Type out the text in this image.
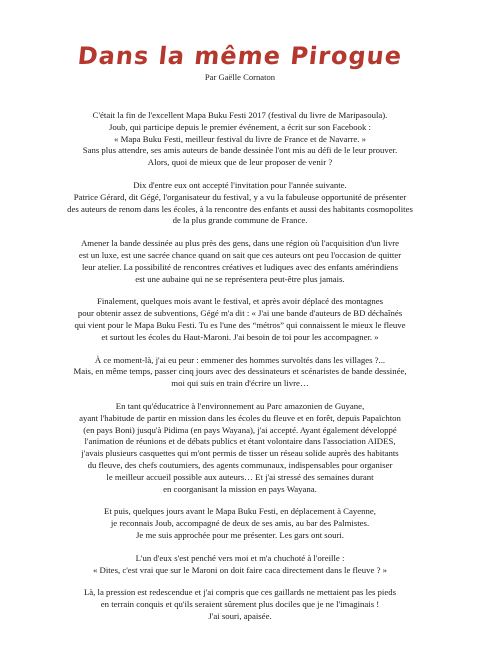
Dans la même Pirogue
Par Gaëlle Cornaton
C'était la fin de l'excellent Mapa Buku Festi 2017 (festival du livre de Maripasoula).
Joub, qui participe depuis le premier événement, a écrit sur son Facebook :
« Mapa Buku Festi, meilleur festival du livre de France et de Navarre. »
Sans plus attendre, ses amis auteurs de bande dessinée l'ont mis au défi de le leur prouver.
Alors, quoi de mieux que de leur proposer de venir ?
Dix d'entre eux ont accepté l'invitation pour l'année suivante.
Patrice Gérard, dit Gégé, l'organisateur du festival, y a vu la fabuleuse opportunité de présenter
des auteurs de renom dans les écoles, à la rencontre des enfants et aussi des habitants cosmopolites
de la plus grande commune de France.
Amener la bande dessinée au plus près des gens, dans une région où l'acquisition d'un livre
est un luxe, est une sacrée chance quand on sait que ces auteurs ont peu l'occasion de quitter
leur atelier. La possibilité de rencontres créatives et ludiques avec des enfants amérindiens
est une aubaine qui ne se représentera peut-être plus jamais.
Finalement, quelques mois avant le festival, et après avoir déplacé des montagnes
pour obtenir assez de subventions, Gégé m'a dit : « J'ai une bande d'auteurs de BD déchaînés
qui vient pour le Mapa Buku Festi. Tu es l'une des “métros” qui connaissent le mieux le fleuve
et surtout les écoles du Haut-Maroni. J'ai besoin de toi pour les accompagner. »
À ce moment-là, j'ai eu peur : emmener des hommes survoltés dans les villages ?...
Mais, en même temps, passer cinq jours avec des dessinateurs et scénaristes de bande dessinée,
moi qui suis en train d'écrire un livre…
En tant qu'éducatrice à l'environnement au Parc amazonien de Guyane,
ayant l'habitude de partir en mission dans les écoles du fleuve et en forêt, depuis Papaïchton
(en pays Boni) jusqu'à Pidima (en pays Wayana), j'ai accepté. Ayant également développé
l'animation de réunions et de débats publics et étant volontaire dans l'association AIDES,
j'avais plusieurs casquettes qui m'ont permis de tisser un réseau solide auprès des habitants
du fleuve, des chefs coutumiers, des agents communaux, indispensables pour organiser
le meilleur accueil possible aux auteurs… Et j'ai stressé des semaines durant
en coorganisant la mission en pays Wayana.
Et puis, quelques jours avant le Mapa Buku Festi, en déplacement à Cayenne,
je reconnais Joub, accompagné de deux de ses amis, au bar des Palmistes.
Je me suis approchée pour me présenter. Les gars ont souri.
L'un d'eux s'est penché vers moi et m'a chuchoté à l'oreille :
« Dites, c'est vrai que sur le Maroni on doit faire caca directement dans le fleuve ? »
Là, la pression est redescendue et j'ai compris que ces gaillards ne mettaient pas les pieds
en terrain conquis et qu'ils seraient sûrement plus dociles que je ne l'imaginais !
J'ai souri, apaisée.
